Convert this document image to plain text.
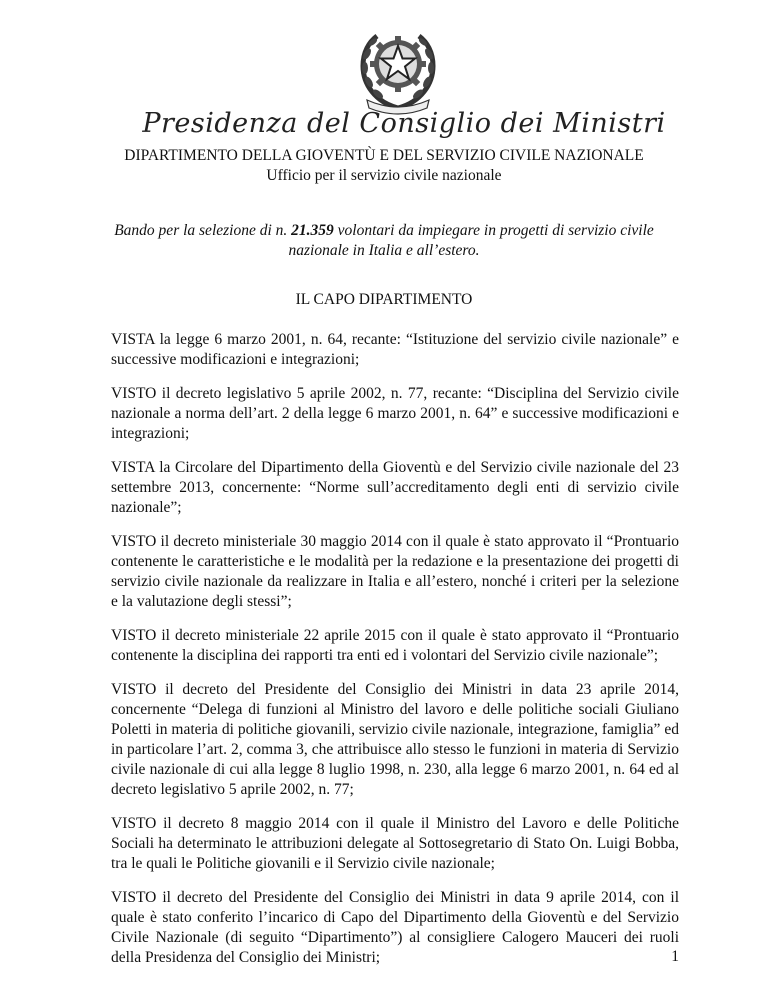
Presidenza del Consiglio dei Ministri
DIPARTIMENTO DELLA GIOVENTÙ E DEL SERVIZIO CIVILE NAZIONALE
Ufficio per il servizio civile nazionale
Bando per la selezione di n. 21.359 volontari da impiegare in progetti di servizio civile nazionale in Italia e all’estero.
IL CAPO DIPARTIMENTO

VISTA la legge 6 marzo 2001, n. 64, recante: “Istituzione del servizio civile nazionale” e successive modificazioni e integrazioni;

VISTO il decreto legislativo 5 aprile 2002, n. 77, recante: “Disciplina del Servizio civile nazionale a norma dell’art. 2 della legge 6 marzo 2001, n. 64” e successive modificazioni e integrazioni;

VISTA la Circolare del Dipartimento della Gioventù e del Servizio civile nazionale del 23 settembre 2013, concernente: “Norme sull’accreditamento degli enti di servizio civile nazionale”;

VISTO il decreto ministeriale 30 maggio 2014 con il quale è stato approvato il “Prontuario contenente le caratteristiche e le modalità per la redazione e la presentazione dei progetti di servizio civile nazionale da realizzare in Italia e all’estero, nonché i criteri per la selezione e la valutazione degli stessi”;

VISTO il decreto ministeriale 22 aprile 2015 con il quale è stato approvato il “Prontuario contenente la disciplina dei rapporti tra enti ed i volontari del Servizio civile nazionale”;

VISTO il decreto del Presidente del Consiglio dei Ministri in data 23 aprile 2014, concernente “Delega di funzioni al Ministro del lavoro e delle politiche sociali Giuliano Poletti in materia di politiche giovanili, servizio civile nazionale, integrazione, famiglia” ed in particolare l’art. 2, comma 3, che attribuisce allo stesso le funzioni in materia di Servizio civile nazionale di cui alla legge 8 luglio 1998, n. 230, alla legge 6 marzo 2001, n. 64 ed al decreto legislativo 5 aprile 2002, n. 77;

VISTO il decreto 8 maggio 2014 con il quale il Ministro del Lavoro e delle Politiche Sociali ha determinato le attribuzioni delegate al Sottosegretario di Stato On. Luigi Bobba, tra le quali le Politiche giovanili e il Servizio civile nazionale;

VISTO il decreto del Presidente del Consiglio dei Ministri in data 9 aprile 2014, con il quale è stato conferito l’incarico di Capo del Dipartimento della Gioventù e del Servizio Civile Nazionale (di seguito “Dipartimento”) al consigliere Calogero Mauceri dei ruoli della Presidenza del Consiglio dei Ministri;	1
